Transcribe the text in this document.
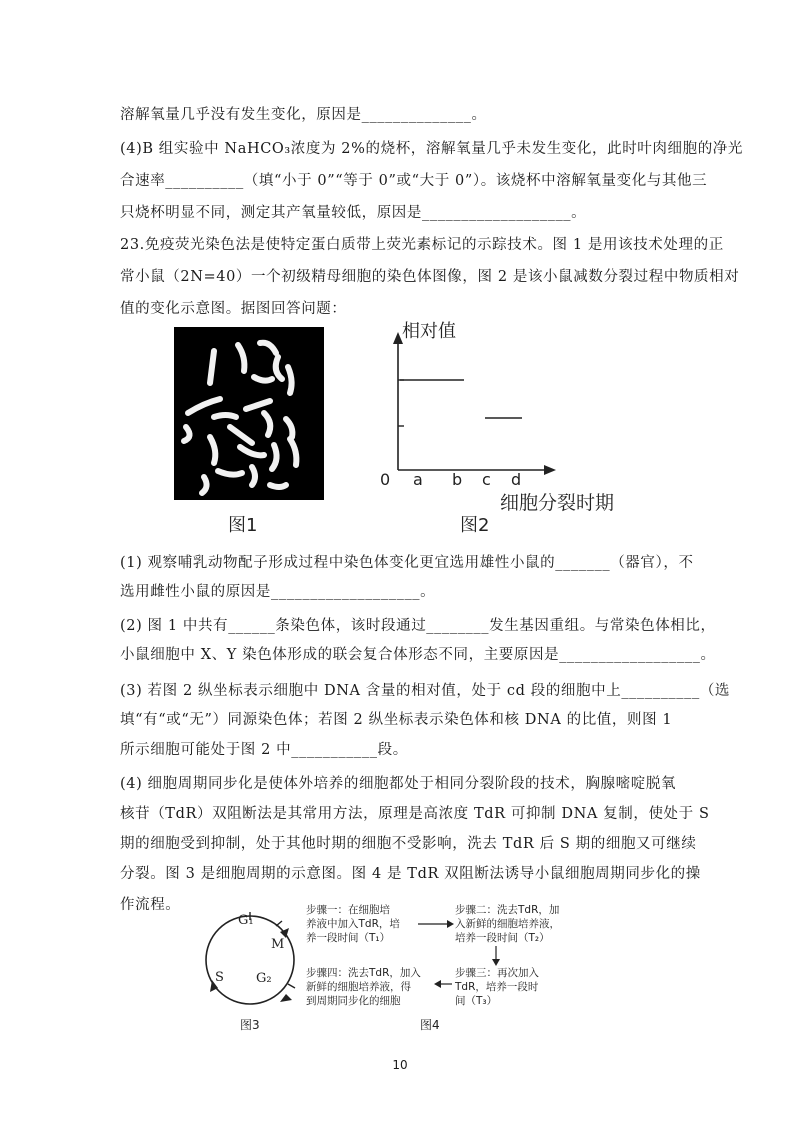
溶解氧量几乎没有发生变化，原因是______________。
(4)B 组实验中 NaHCO₃浓度为 2%的烧杯，溶解氧量几乎未发生变化，此时叶肉细胞的净光
合速率__________（填“小于 0”“等于 0”或“大于 0”）。该烧杯中溶解氧量变化与其他三
只烧杯明显不同，测定其产氧量较低，原因是___________________。
23.免疫荧光染色法是使特定蛋白质带上荧光素标记的示踪技术。图 1 是用该技术处理的正
常小鼠（2N=40）一个初级精母细胞的染色体图像，图 2 是该小鼠减数分裂过程中物质相对
值的变化示意图。据图回答问题：
图1
相对值
0 a b c d
细胞分裂时期
图2
(1) 观察哺乳动物配子形成过程中染色体变化更宜选用雄性小鼠的_______（器官），不
选用雌性小鼠的原因是___________________。
(2) 图 1 中共有______条染色体，该时段通过________发生基因重组。与常染色体相比，
小鼠细胞中 X、Y 染色体形成的联会复合体形态不同，主要原因是__________________。
(3) 若图 2 纵坐标表示细胞中 DNA 含量的相对值，处于 cd 段的细胞中上__________（选
填“有“或“无”）同源染色体；若图 2 纵坐标表示染色体和核 DNA 的比值，则图 1
所示细胞可能处于图 2 中___________段。
(4) 细胞周期同步化是使体外培养的细胞都处于相同分裂阶段的技术，胸腺嘧啶脱氧
核苷（TdR）双阻断法是其常用方法，原理是高浓度 TdR 可抑制 DNA 复制，使处于 S
期的细胞受到抑制，处于其他时期的细胞不受影响，洗去 TdR 后 S 期的细胞又可继续
分裂。图 3 是细胞周期的示意图。图 4 是 TdR 双阻断法诱导小鼠细胞周期同步化的操
作流程。
G₁
M
S G₂
图3
步骤一：在细胞培
养液中加入TdR，培
养一段时间（T₁）
步骤二：洗去TdR，加
入新鲜的细胞培养液，
培养一段时间（T₂）
步骤三：再次加入
TdR，培养一段时
间（T₃）
步骤四：洗去TdR，加入
新鲜的细胞培养液，得
到周期同步化的细胞
图4
10
